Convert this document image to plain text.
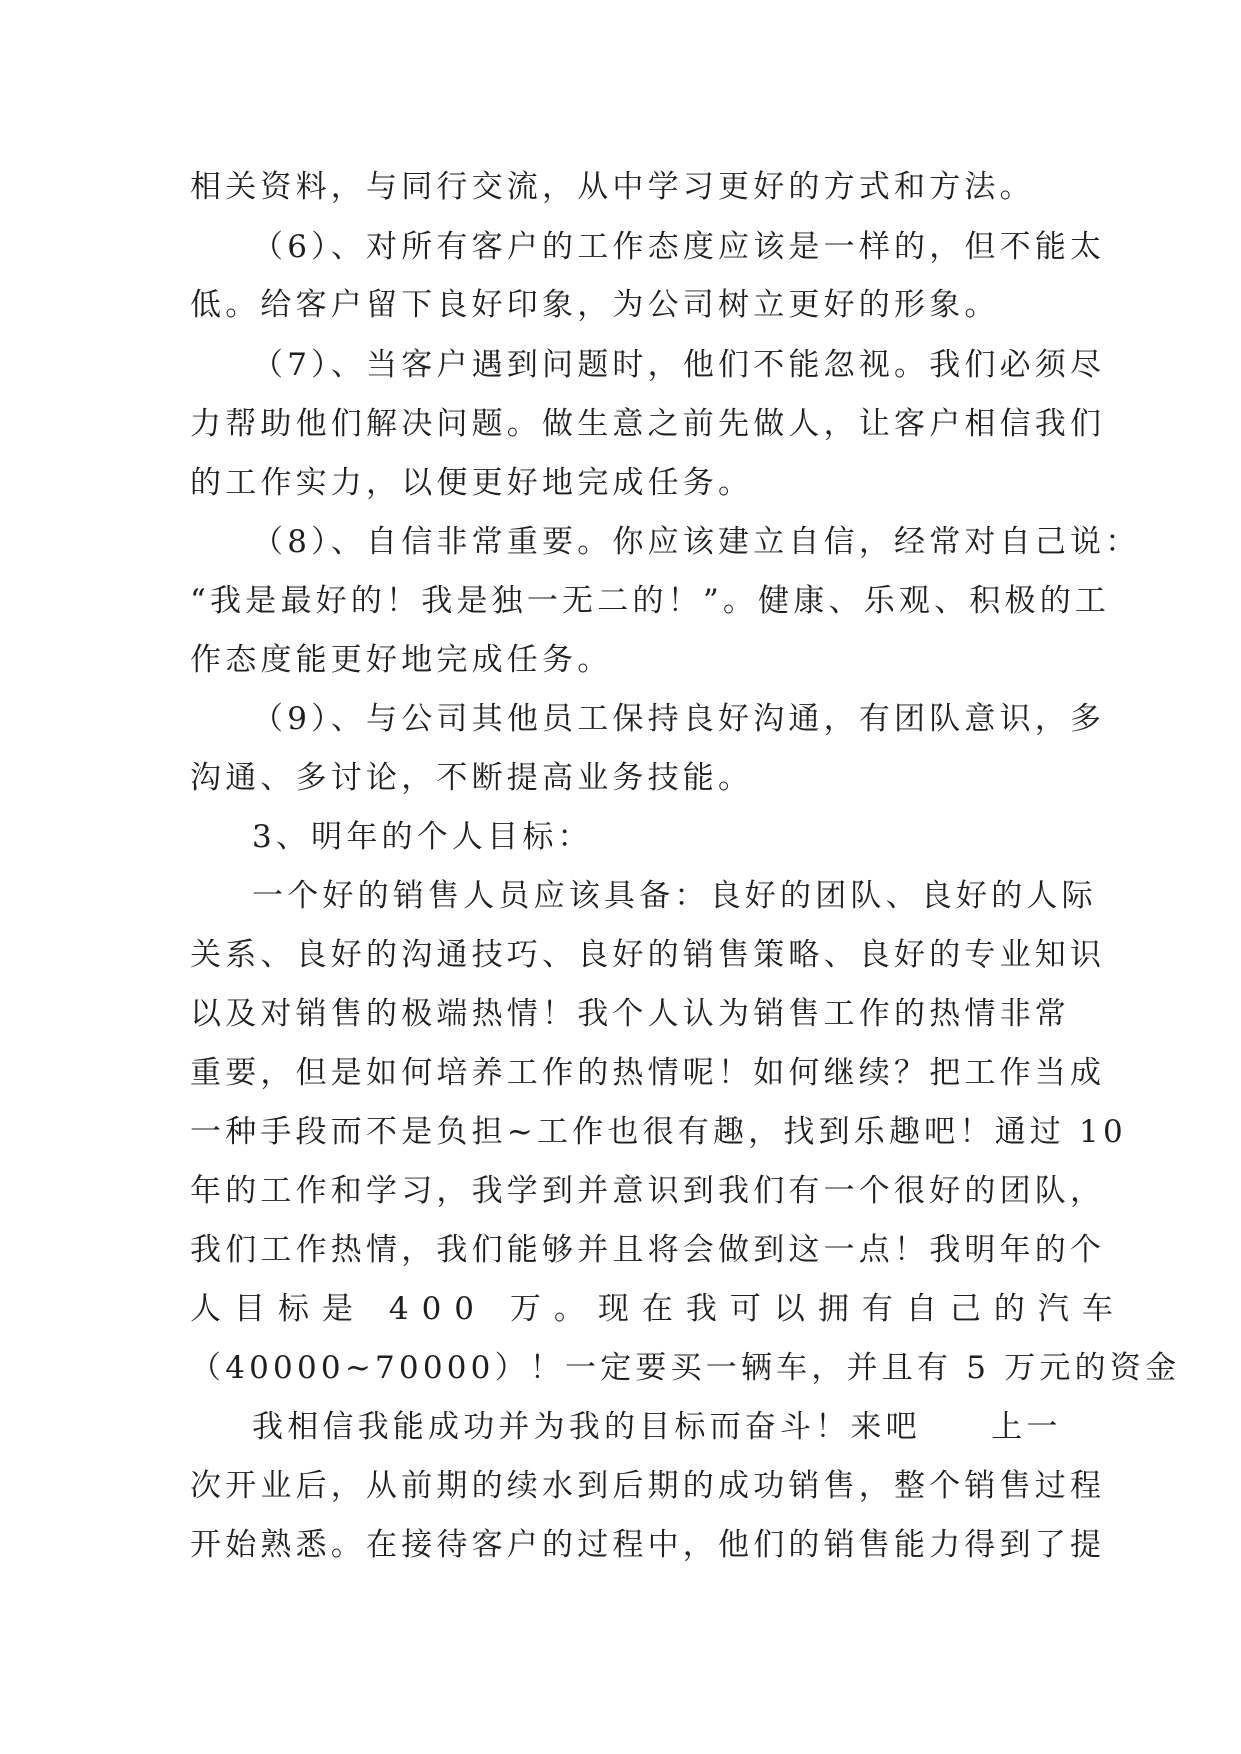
相关资料，与同行交流，从中学习更好的方式和方法。

（6）、对所有客户的工作态度应该是一样的，但不能太

低。给客户留下良好印象，为公司树立更好的形象。

（7）、当客户遇到问题时，他们不能忽视。我们必须尽

力帮助他们解决问题。做生意之前先做人，让客户相信我们

的工作实力，以便更好地完成任务。

（8）、自信非常重要。你应该建立自信，经常对自己说：

“我是最好的！我是独一无二的！”。健康、乐观、积极的工

作态度能更好地完成任务。

（9）、与公司其他员工保持良好沟通，有团队意识，多

沟通、多讨论，不断提高业务技能。

3、明年的个人目标：

一个好的销售人员应该具备：良好的团队、良好的人际

关系、良好的沟通技巧、良好的销售策略、良好的专业知识

以及对销售的极端热情！我个人认为销售工作的热情非常

重要，但是如何培养工作的热情呢！如何继续？把工作当成

一种手段而不是负担~工作也很有趣，找到乐趣吧！通过 10

年的工作和学习，我学到并意识到我们有一个很好的团队，

我们工作热情，我们能够并且将会做到这一点！我明年的个

人目标是 400 万。现在我可以拥有自己的汽车

（40000~70000）！一定要买一辆车，并且有 5 万元的资金

我相信我能成功并为我的目标而奋斗！来吧　　上一

次开业后，从前期的续水到后期的成功销售，整个销售过程

开始熟悉。在接待客户的过程中，他们的销售能力得到了提
